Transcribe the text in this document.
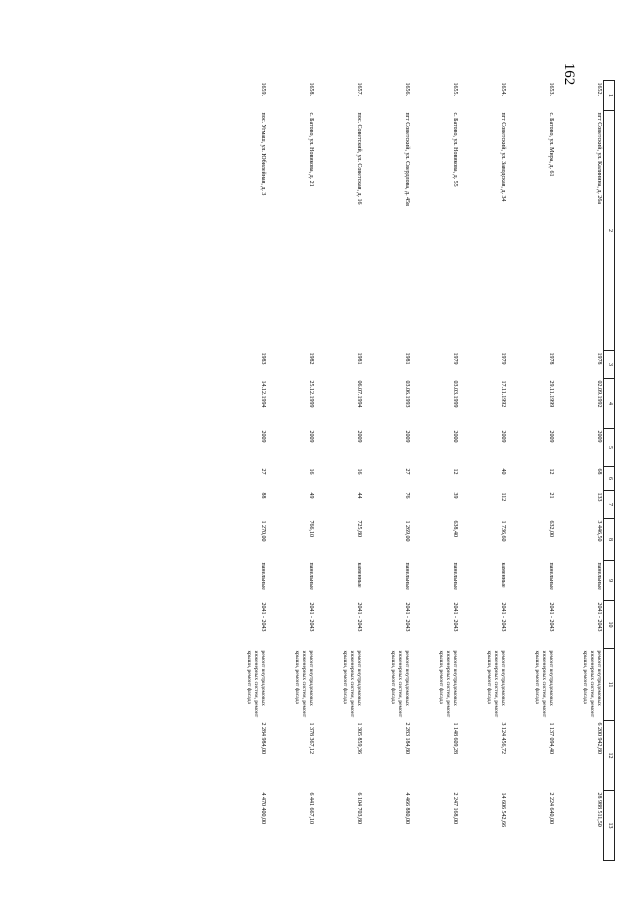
162
1	2	3	4	5	6	7	8	9	10	11	12	13
1652.	пгт Советский, ул. Калинина, д. 26а	1978	02.09.1992	2009	68	133	3 446,50	панельные	2041 - 2043	ремонт внутридомовых инженерных систем, ремонт крыши, ремонт фасада	6 200 942,80	28 988 511,50
1653.	с. Батово, ул. Мира, д. 61	1978	29.11.1999	2009	12	21	632,00	панельные	2041 - 2043	ремонт внутридомовых инженерных систем, ремонт крыши, ремонт фасада	1 137 094,40	2 224 640,00
1654.	пгт Советский, ул. Заводская, д. 34	1979	17.11.1992	2009	40	112	1 736,60	каменные	2041 - 2043	ремонт внутридомовых инженерных систем, ремонт крыши, ремонт фасада	3 124 456,72	14 606 542,66
1655.	с. Батово, ул. Новикова, д. 55	1979	03.03.1999	2000	12	39	638,40	панельные	2041 - 2043	ремонт внутридомовых инженерных систем, ремонт крыши, ремонт фасада	1 148 609,28	2 247 168,00
1656.	пгт Советский, ул. Свердлова, д. 45в	1981	03.06.1993	2009	27	76	1 269,00	панельные	2041 - 2043	ремонт внутридомовых инженерных систем, ремонт крыши, ремонт фасада	2 283 184,80	4 466 880,00
1657.	пос. Советский, ул. Советская, д. 16	1981	06.07.1994	2009	16	44	725,80	каменные	2041 - 2043	ремонт внутридомовых инженерных систем, ремонт крыши, ремонт фасада	1 305 859,36	6 104 703,80
1658.	с. Батово, ул. Новикова, д. 21	1982	25.12.1999	2009	16	49	766,10	панельные	2041 - 2043	ремонт внутридомовых инженерных систем, ремонт крыши, ремонт фасада	1 378 367,12	6 441 667,10
1659.	пос. Угмаш, ул. Юбилейная, д. 3	1983	14.12.1994	2009	27	88	1 270,00	панельные	2041 - 2043	ремонт внутридомовых инженерных систем, ремонт крыши, ремонт фасада	2 284 984,00	4 470 400,00
